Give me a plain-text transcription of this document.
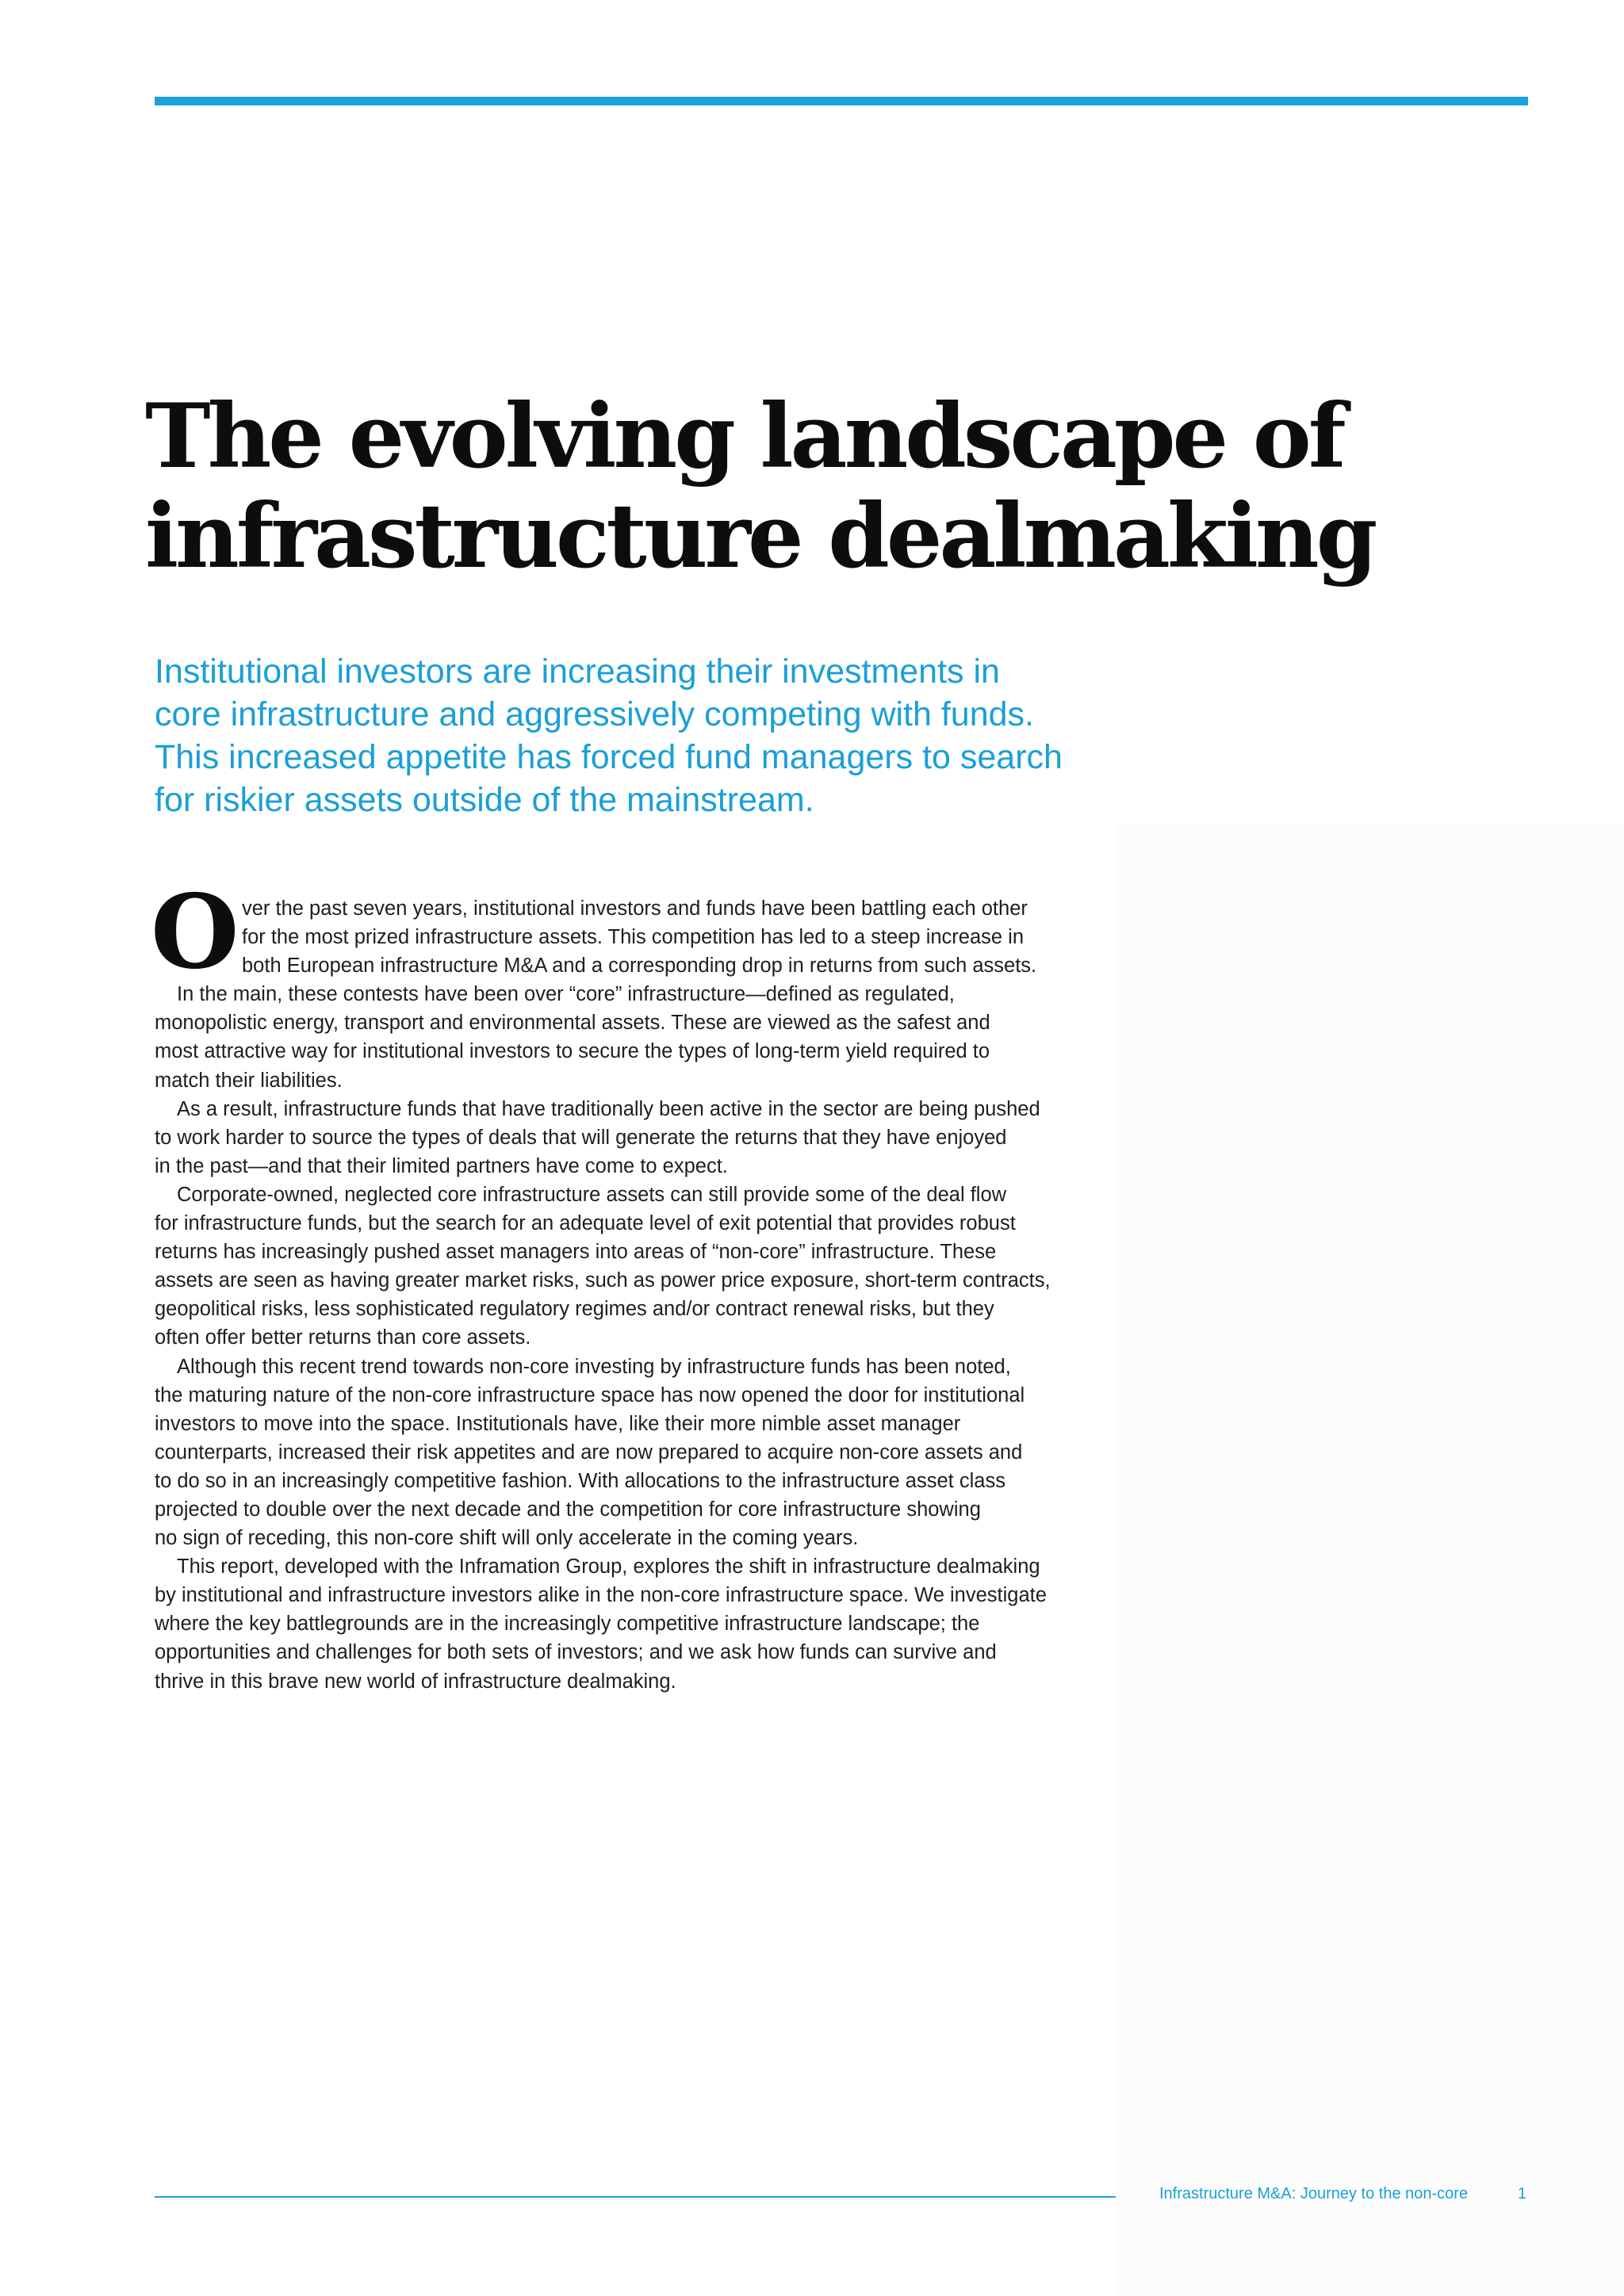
The evolving landscape of
infrastructure dealmaking

Institutional investors are increasing their investments in
core infrastructure and aggressively competing with funds.
This increased appetite has forced fund managers to search
for riskier assets outside of the mainstream.

O ver the past seven years, institutional investors and funds have been battling each other
for the most prized infrastructure assets. This competition has led to a steep increase in
both European infrastructure M&A and a corresponding drop in returns from such assets.
In the main, these contests have been over “core” infrastructure—defined as regulated,
monopolistic energy, transport and environmental assets. These are viewed as the safest and
most attractive way for institutional investors to secure the types of long-term yield required to
match their liabilities.
As a result, infrastructure funds that have traditionally been active in the sector are being pushed
to work harder to source the types of deals that will generate the returns that they have enjoyed
in the past—and that their limited partners have come to expect.
Corporate-owned, neglected core infrastructure assets can still provide some of the deal flow
for infrastructure funds, but the search for an adequate level of exit potential that provides robust
returns has increasingly pushed asset managers into areas of “non-core” infrastructure. These
assets are seen as having greater market risks, such as power price exposure, short-term contracts,
geopolitical risks, less sophisticated regulatory regimes and/or contract renewal risks, but they
often offer better returns than core assets.
Although this recent trend towards non-core investing by infrastructure funds has been noted,
the maturing nature of the non-core infrastructure space has now opened the door for institutional
investors to move into the space. Institutionals have, like their more nimble asset manager
counterparts, increased their risk appetites and are now prepared to acquire non-core assets and
to do so in an increasingly competitive fashion. With allocations to the infrastructure asset class
projected to double over the next decade and the competition for core infrastructure showing
no sign of receding, this non-core shift will only accelerate in the coming years.
This report, developed with the Inframation Group, explores the shift in infrastructure dealmaking
by institutional and infrastructure investors alike in the non-core infrastructure space. We investigate
where the key battlegrounds are in the increasingly competitive infrastructure landscape; the
opportunities and challenges for both sets of investors; and we ask how funds can survive and
thrive in this brave new world of infrastructure dealmaking.
Infrastructure M&A: Journey to the non-core	1
